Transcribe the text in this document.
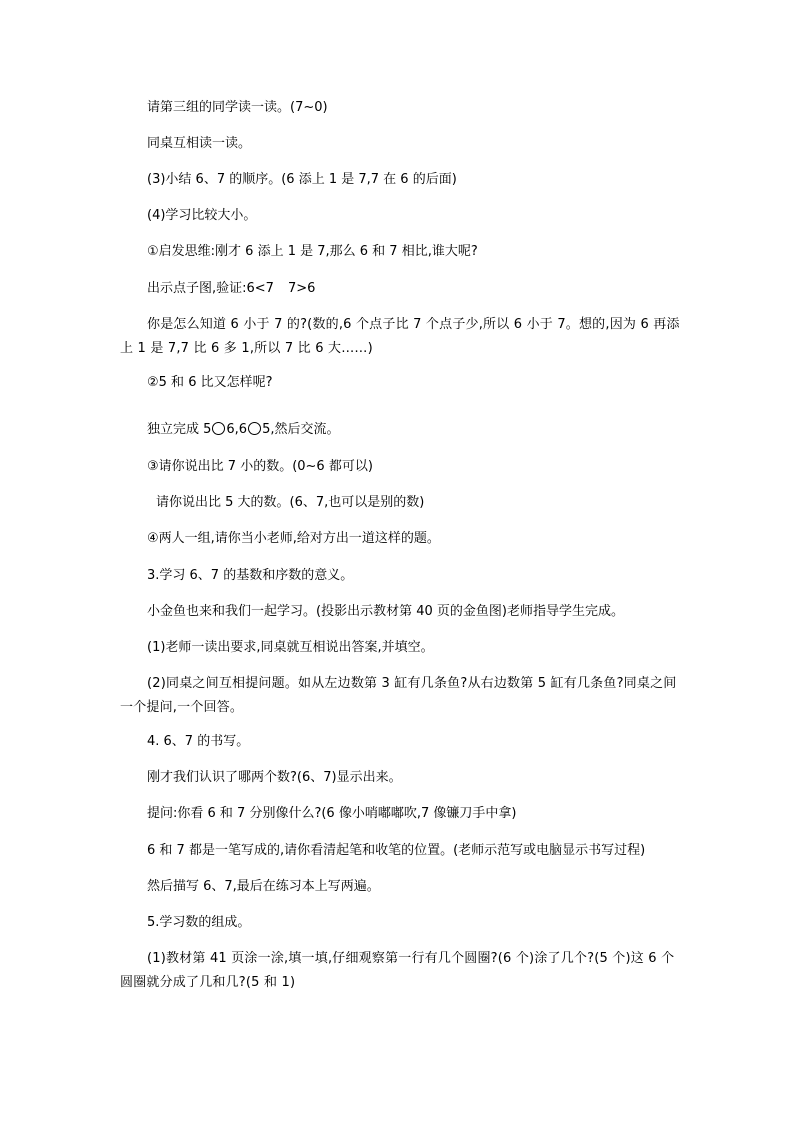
请第三组的同学读一读。(7~0)
同桌互相读一读。
(3)小结 6、7 的顺序。(6 添上 1 是 7,7 在 6 的后面)
(4)学习比较大小。
①启发思维:刚才 6 添上 1 是 7,那么 6 和 7 相比,谁大呢?
出示点子图,验证:6<7 7>6
你是怎么知道 6 小于 7 的?(数的,6 个点子比 7 个点子少,所以 6 小于 7。想的,因为 6 再添上 1 是 7,7 比 6 多 1,所以 7 比 6 大……)
②5 和 6 比又怎样呢?
独立完成 5 6,6 5,然后交流。
③请你说出比 7 小的数。(0~6 都可以)
请你说出比 5 大的数。(6、7,也可以是别的数)
④两人一组,请你当小老师,给对方出一道这样的题。
3.学习 6、7 的基数和序数的意义。
小金鱼也来和我们一起学习。(投影出示教材第 40 页的金鱼图)老师指导学生完成。
(1)老师一读出要求,同桌就互相说出答案,并填空。
(2)同桌之间互相提问题。如从左边数第 3 缸有几条鱼?从右边数第 5 缸有几条鱼?同桌之间一个提问,一个回答。
4. 6、7 的书写。
刚才我们认识了哪两个数?(6、7)显示出来。
提问:你看 6 和 7 分别像什么?(6 像小哨嘟嘟吹,7 像镰刀手中拿)
6 和 7 都是一笔写成的,请你看清起笔和收笔的位置。(老师示范写或电脑显示书写过程)
然后描写 6、7,最后在练习本上写两遍。
5.学习数的组成。
(1)教材第 41 页涂一涂,填一填,仔细观察第一行有几个圆圈?(6 个)涂了几个?(5 个)这 6 个圆圈就分成了几和几?(5 和 1)
